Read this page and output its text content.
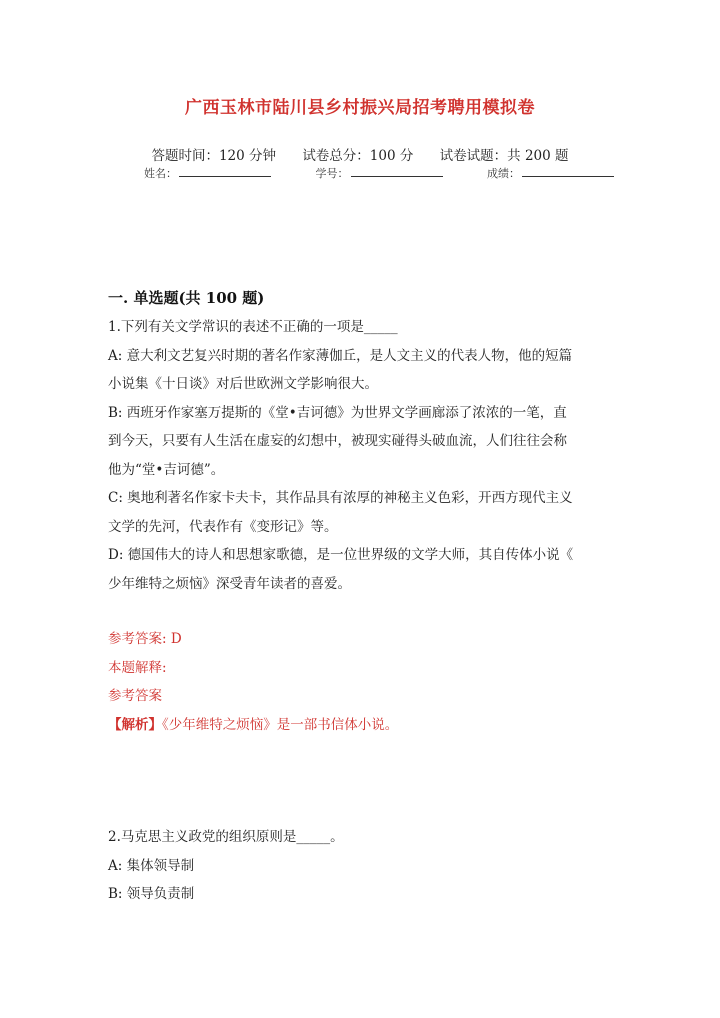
广西玉林市陆川县乡村振兴局招考聘用模拟卷
答题时间：120 分钟 试卷总分：100 分 试卷试题：共 200 题
姓名：	学号：	成绩：
一. 单选题(共 100 题)

1.下列有关文学常识的表述不正确的一项是_____

A: 意大利文艺复兴时期的著名作家薄伽丘，是人文主义的代表人物，他的短篇

小说集《十日谈》对后世欧洲文学影响很大。

B: 西班牙作家塞万提斯的《堂•吉诃德》为世界文学画廊添了浓浓的一笔，直

到今天，只要有人生活在虚妄的幻想中，被现实碰得头破血流，人们往往会称

他为“堂•吉诃德”。

C: 奥地利著名作家卡夫卡，其作品具有浓厚的神秘主义色彩，开西方现代主义

文学的先河，代表作有《变形记》等。

D: 德国伟大的诗人和思想家歌德，是一位世界级的文学大师，其自传体小说《

少年维特之烦恼》深受青年读者的喜爱。

参考答案: D

本题解释:

参考答案

【解析】《少年维特之烦恼》是一部书信体小说。

2.马克思主义政党的组织原则是_____。

A: 集体领导制

B: 领导负责制
